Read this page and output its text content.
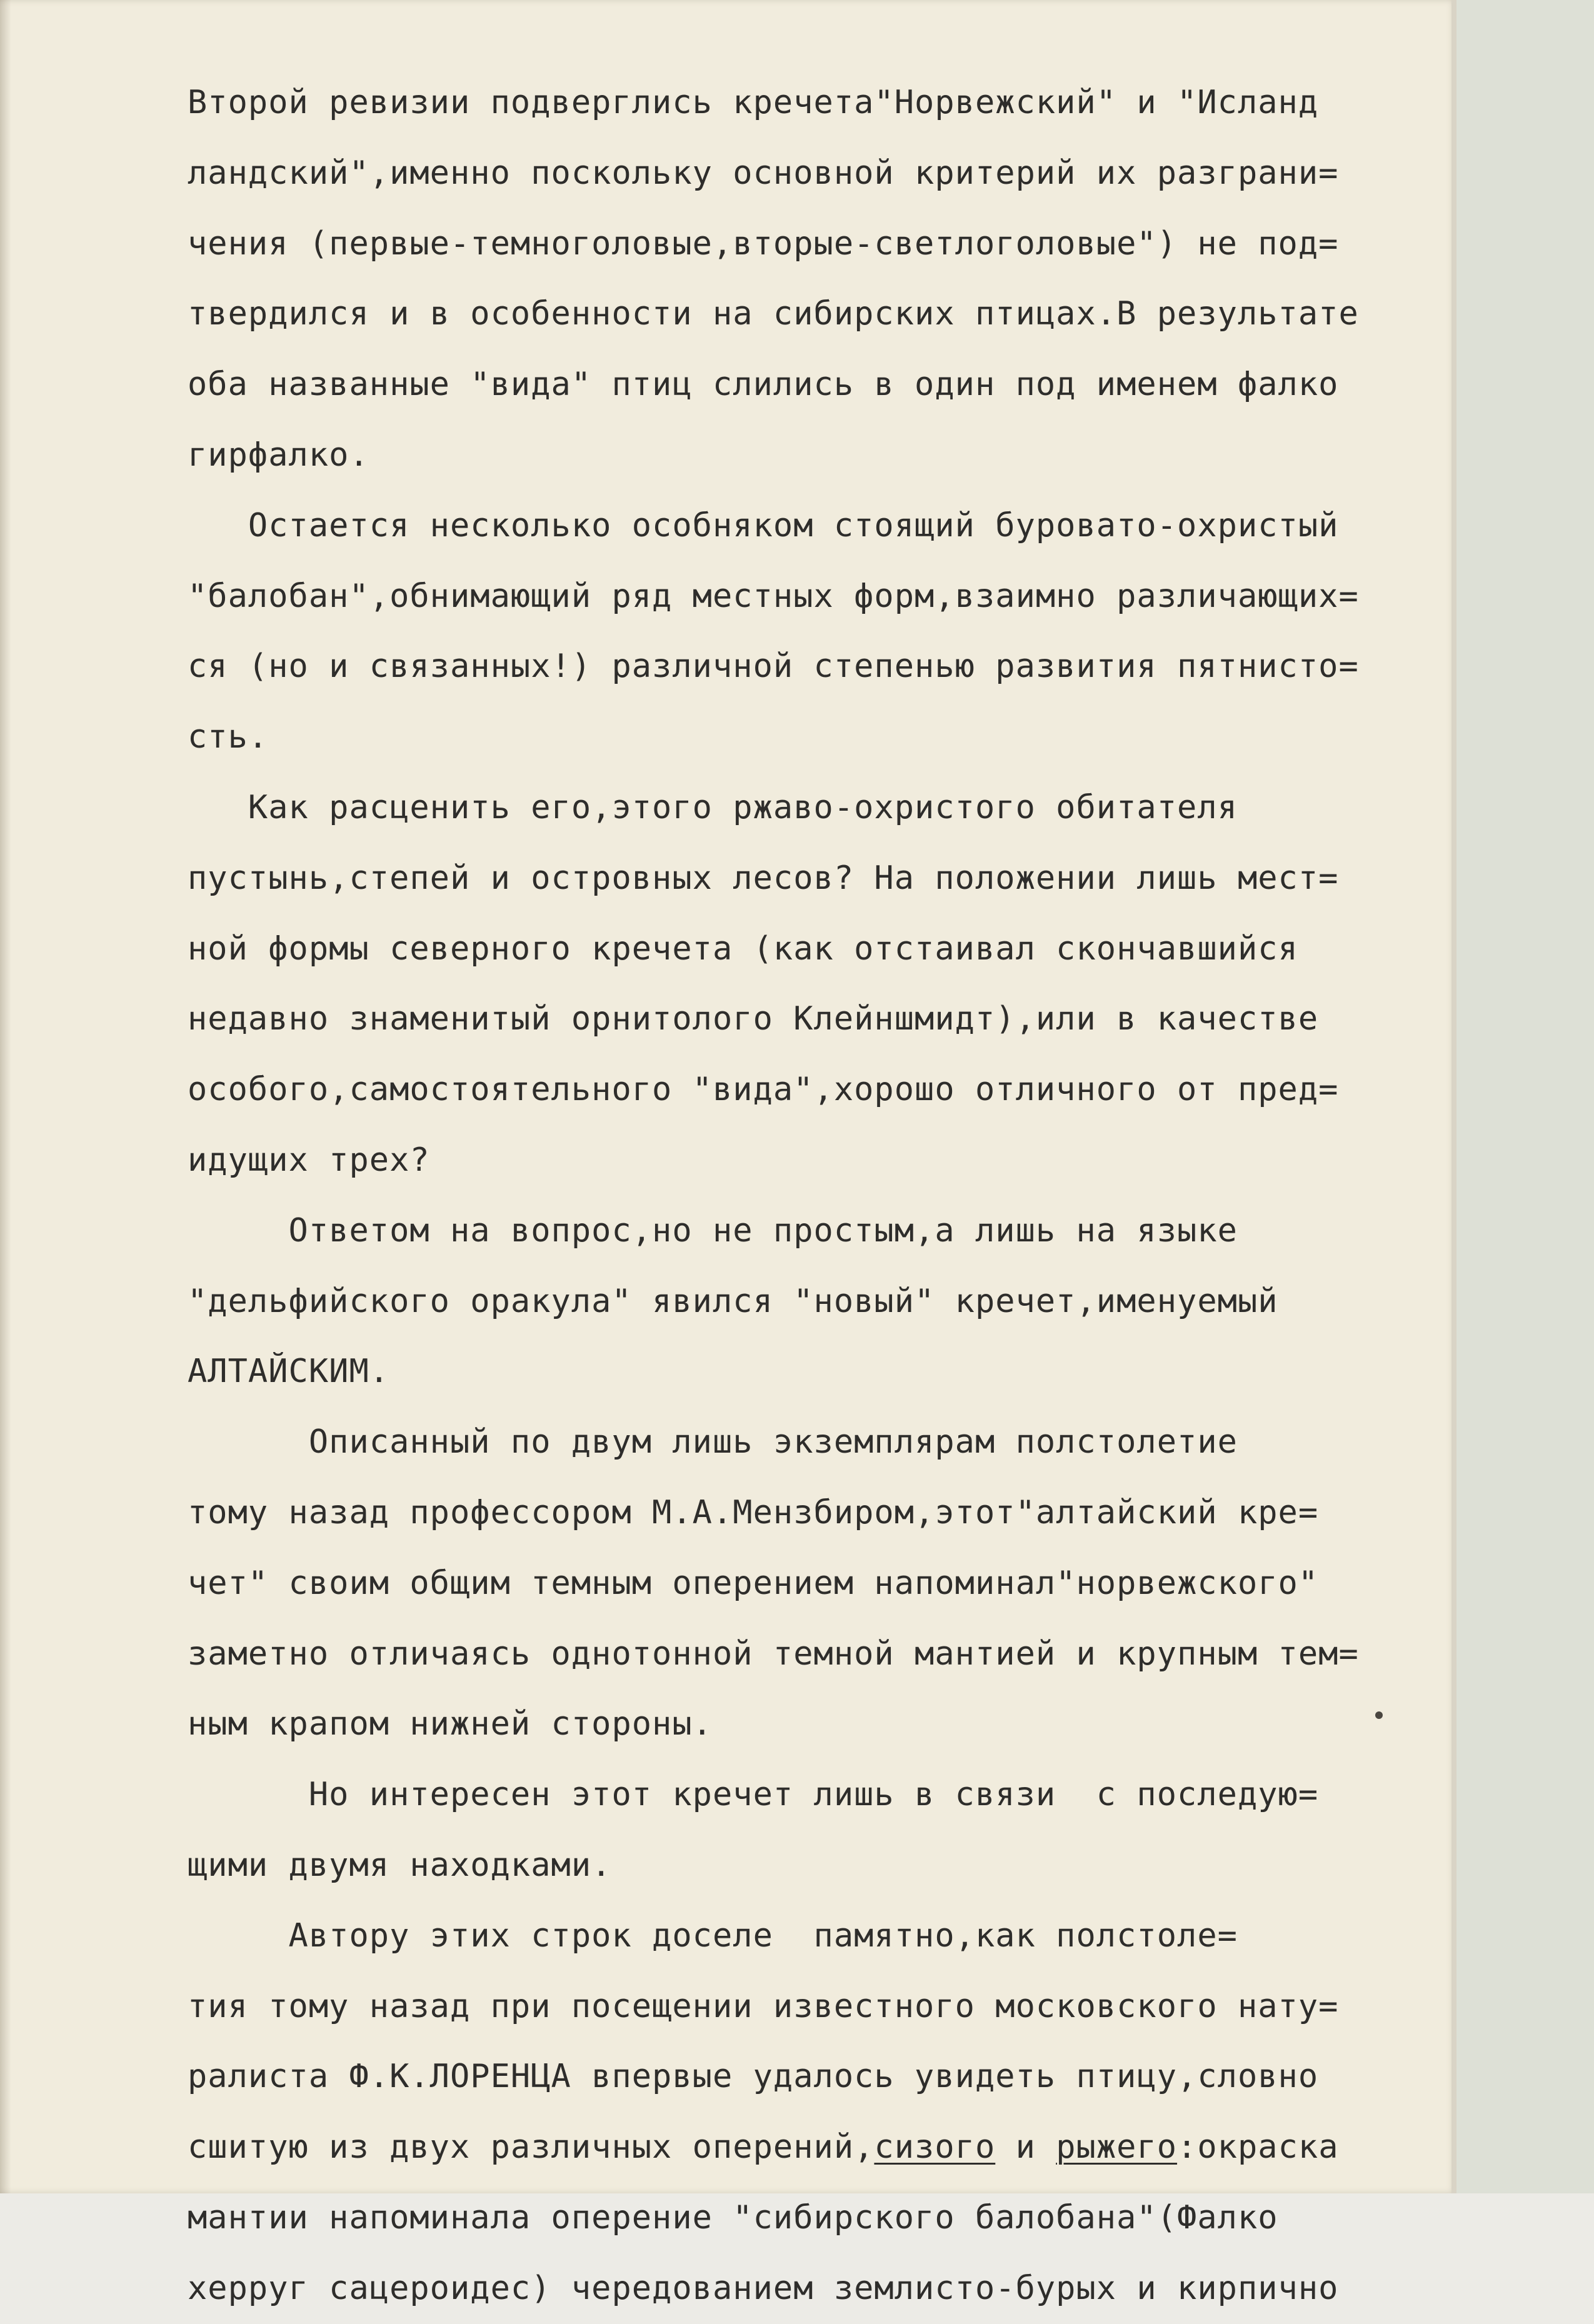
Второй ревизии подверглись кречета"Норвежский" и "Исланд
ландский",именно поскольку основной критерий их разграни=
чения (первые-темноголовые,вторые-светлоголовые") не под=
твердился и в особенности на сибирских птицах.В результате
оба названные "вида" птиц слились в один под именем фалко
гирфалко.
Остается несколько особняком стоящий буровато-охристый
"балобан",обнимающий ряд местных форм,взаимно различающих=
ся (но и связанных!) различной степенью развития пятнисто=
сть.
Как расценить его,этого ржаво-охристого обитателя
пустынь,степей и островных лесов? На положении лишь мест=
ной формы северного кречета (как отстаивал скончавшийся
недавно знаменитый орнитолого Клейншмидт),или в качестве
особого,самостоятельного "вида",хорошо отличного от пред=
идущих трех?
Ответом на вопрос,но не простым,а лишь на языке
"дельфийского оракула" явился "новый" кречет,именуемый
АЛТАЙСКИМ.
Описанный по двум лишь экземплярам полстолетие
тому назад профессором М.А.Мензбиром,этот"алтайский кре=
чет" своим общим темным оперением напоминал"норвежского"
заметно отличаясь однотонной темной мантией и крупным тем=
ным крапом нижней стороны.
Но интересен этот кречет лишь в связи  с последую=
щими двумя находками.
Автору этих строк доселе  памятно,как полстоле=
тия тому назад при посещении известного московского нату=
ралиста Ф.К.ЛОРЕНЦА впервые удалось увидеть птицу,словно
сшитую из двух различных оперений,сизого и рыжего:окраска
мантии напоминала оперение "сибирского балобана"(Фалко
херруг сацероидес) чередованием землисто-бурых и кирпично
